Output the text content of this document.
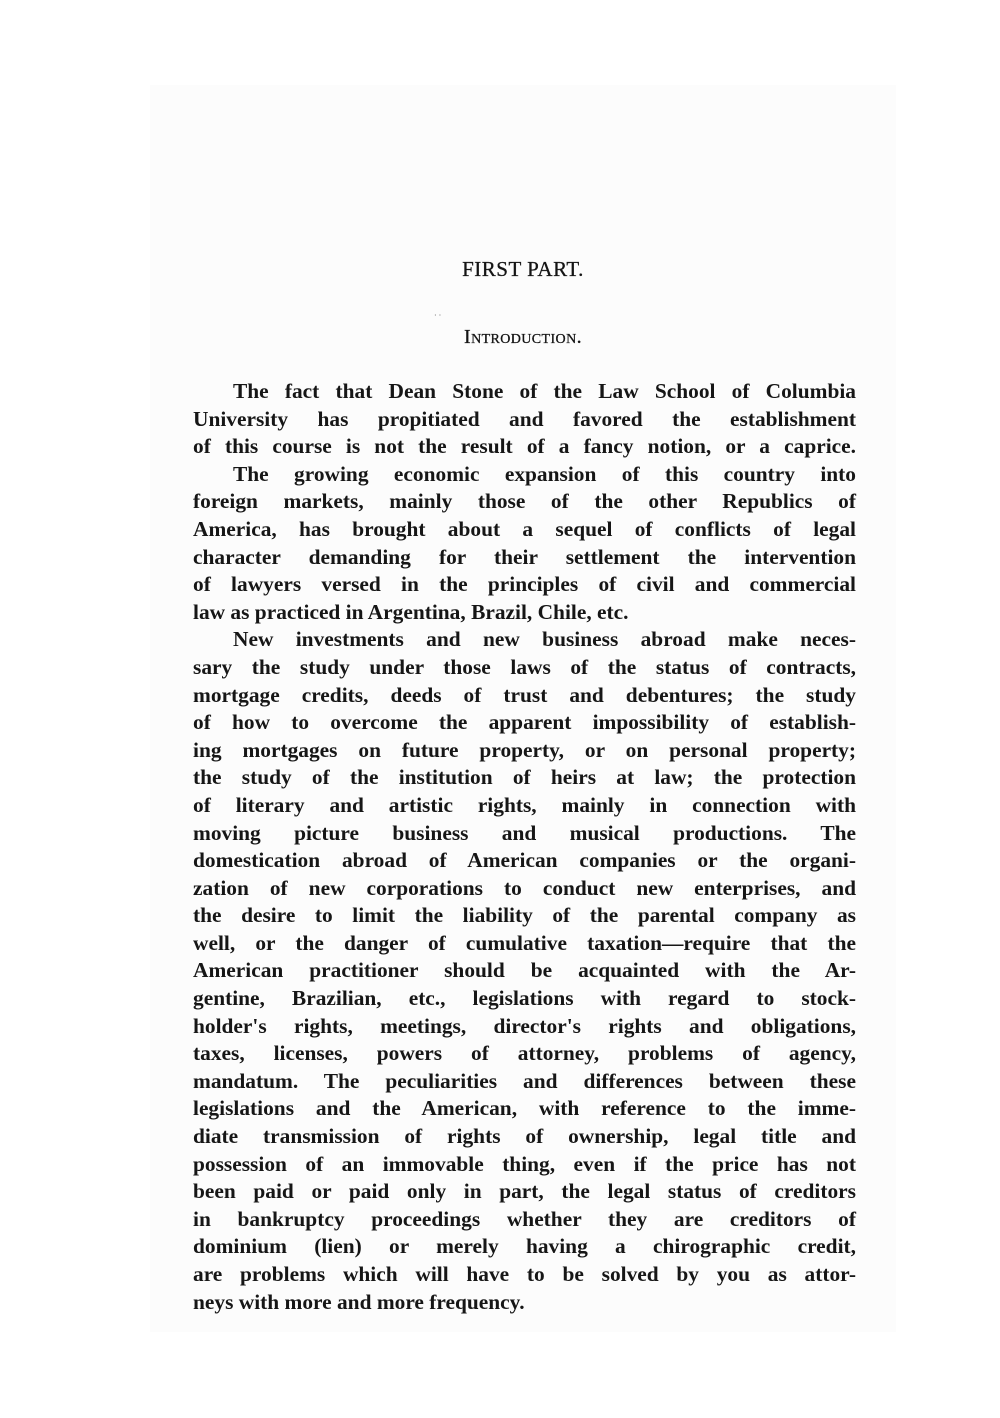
FIRST PART.
· ·
Introduction.

The fact that Dean Stone of the Law School of Columbia
University has propitiated and favored the establishment
of this course is not the result of a fancy notion, or a caprice.

The growing economic expansion of this country into
foreign markets, mainly those of the other Republics of
America, has brought about a sequel of conflicts of legal
character demanding for their settlement the intervention
of lawyers versed in the principles of civil and commercial
law as practiced in Argentina, Brazil, Chile, etc.

New investments and new business abroad make neces-
sary the study under those laws of the status of contracts,
mortgage credits, deeds of trust and debentures; the study
of how to overcome the apparent impossibility of establish-
ing mortgages on future property, or on personal property;
the study of the institution of heirs at law; the protection
of literary and artistic rights, mainly in connection with
moving picture business and musical productions. The
domestication abroad of American companies or the organi-
zation of new corporations to conduct new enterprises, and
the desire to limit the liability of the parental company as
well, or the danger of cumulative taxation—require that the
American practitioner should be acquainted with the Ar-
gentine, Brazilian, etc., legislations with regard to stock-
holder's rights, meetings, director's rights and obligations,
taxes, licenses, powers of attorney, problems of agency,
mandatum. The peculiarities and differences between these
legislations and the American, with reference to the imme-
diate transmission of rights of ownership, legal title and
possession of an immovable thing, even if the price has not
been paid or paid only in part, the legal status of creditors
in bankruptcy proceedings whether they are creditors of
dominium (lien) or merely having a chirographic credit,
are problems which will have to be solved by you as attor-
neys with more and more frequency.
